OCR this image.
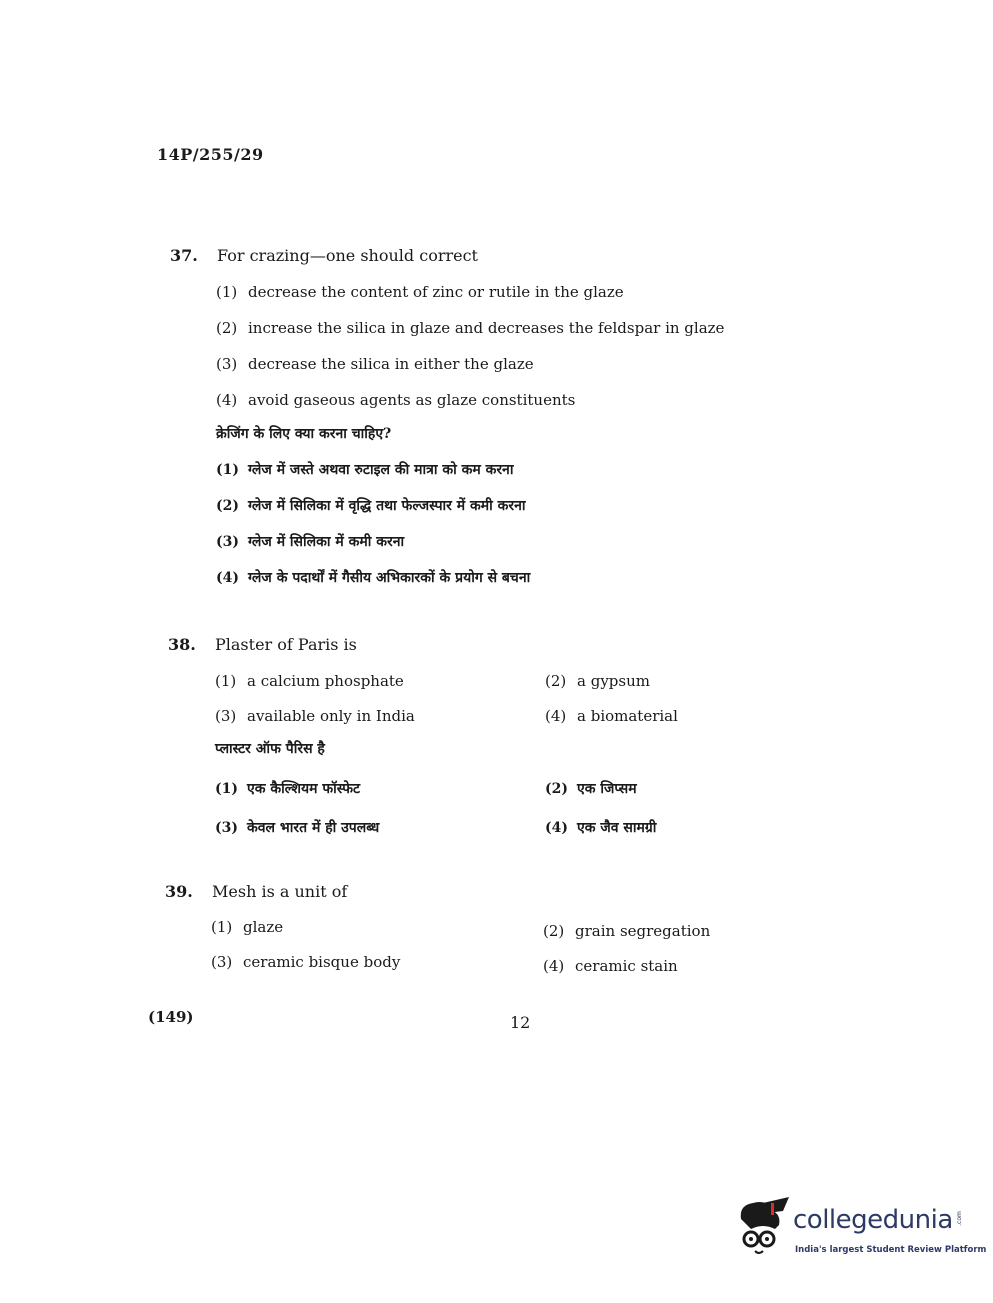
14P/255/29
37. For crazing—one should correct
(1) decrease the content of zinc or rutile in the glaze
(2) increase the silica in glaze and decreases the feldspar in glaze
(3) decrease the silica in either the glaze
(4) avoid gaseous agents as glaze constituents
क्रेजिंग के लिए क्या करना चाहिए?
(1) ग्लेज में जस्ते अथवा रुटाइल की मात्रा को कम करना
(2) ग्लेज में सिलिका में वृद्धि तथा फेल्जस्पार में कमी करना
(3) ग्लेज में सिलिका में कमी करना
(4) ग्लेज के पदार्थों में गैसीय अभिकारकों के प्रयोग से बचना
38. Plaster of Paris is
(1) a calcium phosphate	(2) a gypsum
(3) available only in India	(4) a biomaterial
प्लास्टर ऑफ पैरिस है
(1) एक कैल्शियम फॉस्फेट	(2) एक जिप्सम
(3) केवल भारत में ही उपलब्ध	(4) एक जैव सामग्री
39. Mesh is a unit of
(1) glaze	(2) grain segregation
(3) ceramic bisque body	(4) ceramic stain
(149)	12
collegedunia .com
India's largest Student Review Platform
